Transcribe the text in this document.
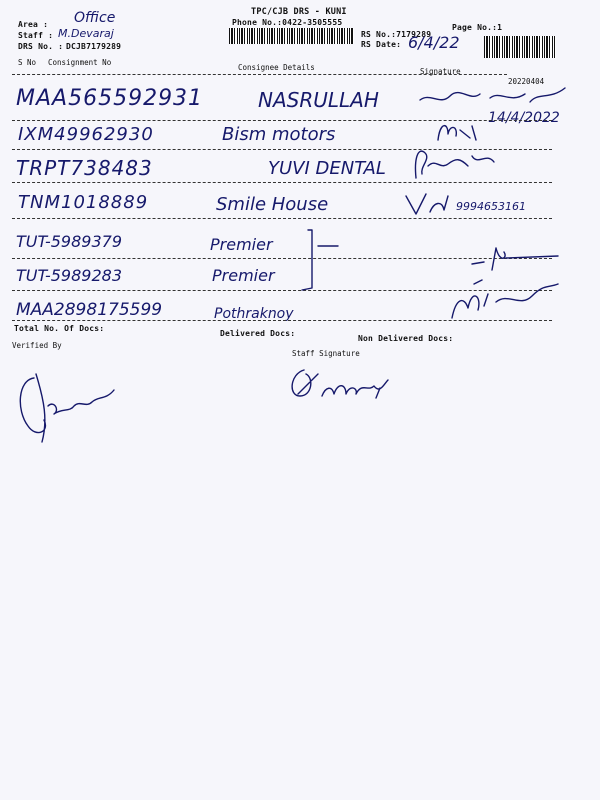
Area :
Staff :
DRS No. : DCJB7179289
Office
M.Devaraj
TPC/CJB DRS - KUNI
Phone No.:0422-3505555
RS No.:7179289
RS Date: 6/4/22
Page No.:1
S No Consignment No
Consignee Details	Signature
20220404
MAA565592931	NASRULLAH
14/4/2022
IXM49962930	Bism motors
TRPT738483	YUVI DENTAL
TNM1018889	Smile House	9994653161
TUT-5989379	Premier
TUT-5989283	Premier
MAA2898175599	Pothraknoy
Total No. Of Docs:
Delivered Docs:
Non Delivered Docs:
Verified By
Staff Signature
